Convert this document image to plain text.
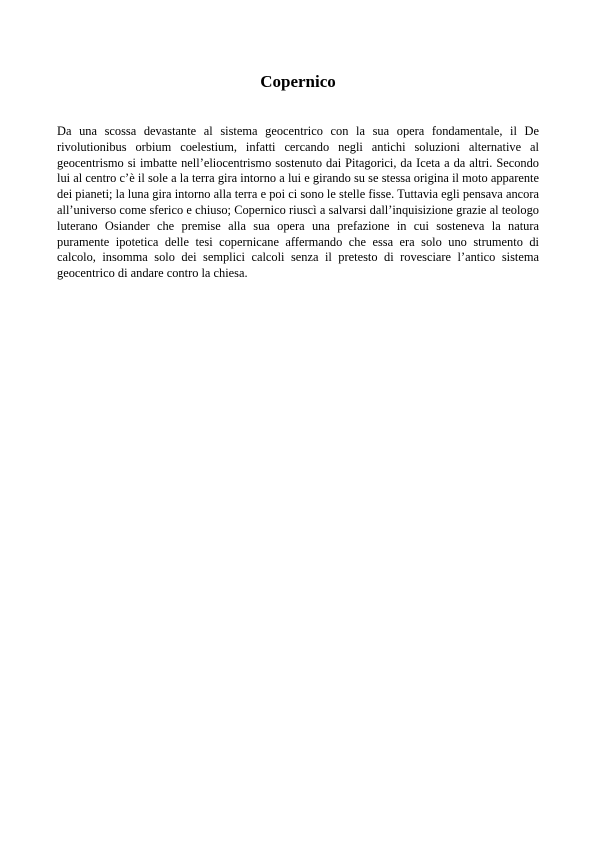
Copernico

Da una scossa devastante al sistema geocentrico con la sua opera fondamentale, il De rivolutionibus orbium coelestium, infatti cercando negli antichi soluzioni alternative al geocentrismo si imbatte nell’eliocentrismo sostenuto dai Pitagorici, da Iceta a da altri. Secondo lui al centro c’è il sole a la terra gira intorno a lui e girando su se stessa origina il moto apparente dei pianeti; la luna gira intorno alla terra e poi ci sono le stelle fisse. Tuttavia egli pensava ancora all’universo come sferico e chiuso; Copernico riuscì a salvarsi dall’inquisizione grazie al teologo luterano Osiander che premise alla sua opera una prefazione in cui sosteneva la natura puramente ipotetica delle tesi copernicane affermando che essa era solo uno strumento di calcolo, insomma solo dei semplici calcoli senza il pretesto di rovesciare l’antico sistema geocentrico di andare contro la chiesa.
